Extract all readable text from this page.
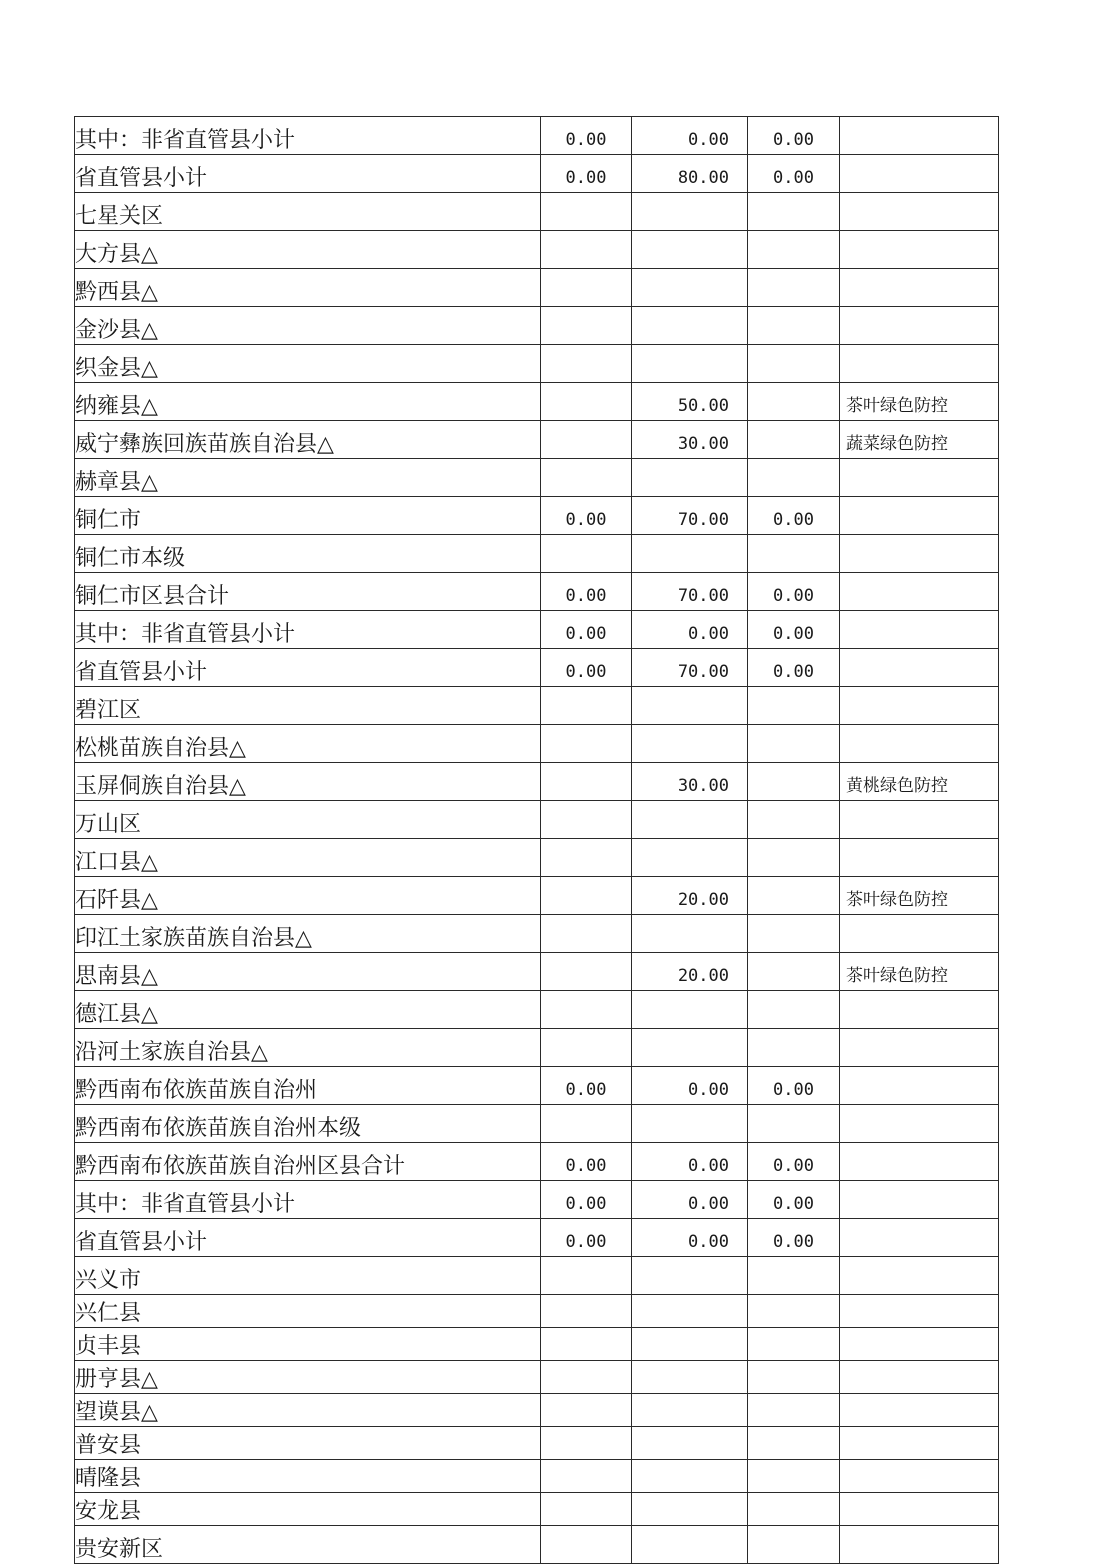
其中：非省直管县小计	0.00	0.00	0.00	
省直管县小计	0.00	80.00	0.00	
七星关区				
大方县△				
黔西县△				
金沙县△				
织金县△				
纳雍县△		50.00		茶叶绿色防控
威宁彝族回族苗族自治县△		30.00		蔬菜绿色防控
赫章县△				
铜仁市	0.00	70.00	0.00	
铜仁市本级				
铜仁市区县合计	0.00	70.00	0.00	
其中：非省直管县小计	0.00	0.00	0.00	
省直管县小计	0.00	70.00	0.00	
碧江区				
松桃苗族自治县△				
玉屏侗族自治县△		30.00		黄桃绿色防控
万山区				
江口县△				
石阡县△		20.00		茶叶绿色防控
印江土家族苗族自治县△				
思南县△		20.00		茶叶绿色防控
德江县△				
沿河土家族自治县△				
黔西南布依族苗族自治州	0.00	0.00	0.00	
黔西南布依族苗族自治州本级				
黔西南布依族苗族自治州区县合计	0.00	0.00	0.00	
其中：非省直管县小计	0.00	0.00	0.00	
省直管县小计	0.00	0.00	0.00	
兴义市				
兴仁县				
贞丰县				
册亨县△				
望谟县△				
普安县				
晴隆县				
安龙县				
贵安新区				
